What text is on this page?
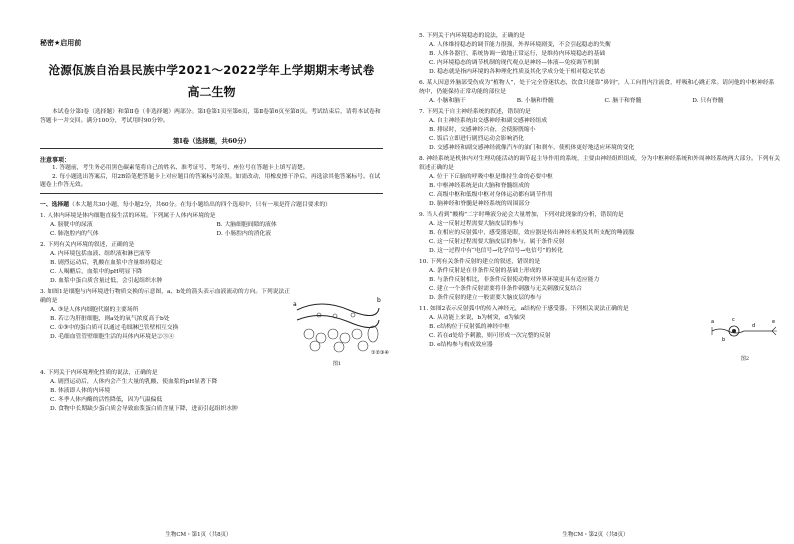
秘密★启用前
沧源佤族自治县民族中学2021～2022学年上学期期末考试卷
高二生物
本试卷分第Ⅰ卷（选择题）和第Ⅱ卷（非选择题）两部分。第Ⅰ卷第1页至第6页，第Ⅱ卷第6页至第8页。考试结束后，请将本试卷和答题卡一并交回。满分100分，考试用时90分钟。
第Ⅰ卷（选择题，共60分）
注意事项：
1. 答题前，考生务必用黑色碳素笔将自己的姓名、准考证号、考场号、座位号在答题卡上填写清楚。
2. 每小题选出答案后，用2B铅笔把答题卡上对应题目的答案标号涂黑。如需改动，用橡皮擦干净后，再选涂其他答案标号。在试题卷上作答无效。
一、选择题（本大题共30小题，每小题2分，共60分。在每小题给出的四个选项中，只有一项是符合题目要求的）
1. 人体内环境是体内细胞直接生活的环境。下列属于人体内环境的是
A. 膀胱中的尿液	B. 大脑细胞间隙的液体
C. 肺泡腔内的气体	D. 小肠腔内的消化液
2. 下列有关内环境的叙述，正确的是
A. 内环境包括血液、组织液和淋巴液等
B. 剧烈运动后，乳酸在血浆中含量维持稳定
C. 人喝醋后，血浆中的pH明显下降
D. 血浆中蛋白质含量过低，会引起组织水肿
3. 如图1是细胞与内环境进行物质交换的示意图，a、b处的箭头表示血液流动的方向。下列说法正确的是
A. ③是人体内细胞代谢的主要场所
B. 若②为肝脏细胞，则a处的氧气浓度高于b处
C. ①③中的蛋白质可以通过毛细淋巴管壁相互交换
D. 毛细血管管壁细胞生活的具体内环境是②③④
a
b
①②③④
图1
4. 下列关于内环境理化性质的说法，正确的是
A. 剧烈运动后，人体内会产生大量的乳酸，使血浆的pH显著下降
B. 体液即人体的内环境
C. 冬季人体内酶的活性降低，因为气温偏低
D. 食物中长期缺少蛋白质会导致血浆蛋白质含量下降，进而引起组织水肿
生物CM・第1页（共8页）
5. 下列关于内环境稳态的说法，正确的是
A. 人体维持稳态的调节能力很强，外界环境剧变，不会引起稳态的失衡
B. 人体各器官、系统协调一致地正常运行，是维持内环境稳态的基础
C. 内环境稳态的调节机制的现代观点是神经—体液—免疫调节机制
D. 稳态就是指内环境的各种理化性质及其化学成分处于相对稳定状态
6. 某人因意外脑部受伤成为“植物人”，处于完全昏迷状态，饮食只能靠“鼻饲”，人工向胃内注流食，呼吸和心跳正常。请问他的中枢神经系统中，仍能保持正常功能的部位是
A. 小脑和脑干	B. 小脑和脊髓	C. 脑干和脊髓	D. 只有脊髓
7. 下列关于自主神经系统的叙述，错误的是
A. 自主神经系统由交感神经和副交感神经组成
B. 排尿时，交感神经兴奋，会使膀胱缩小
C. 饭后立即进行剧烈运动会影响消化
D. 交感神经和副交感神经就像汽车的油门和刹车，使机体更好地适应环境的变化
8. 神经系统是机体内对生理功能活动的调节起主导作用的系统，主要由神经组织组成，分为中枢神经系统和外周神经系统两大部分。下列有关叙述正确的是
A. 位于下丘脑的呼吸中枢是维持生命的必要中枢
B. 中枢神经系统是由大脑和脊髓组成的
C. 高级中枢和低级中枢对身体运动都有调节作用
D. 脑神经和脊髓是神经系统的周围部分
9. 当人看到“酸梅”二字时唾液分泌会大量增加，下列对此现象的分析，错误的是
A. 这一反射过程需要大脑皮层的参与
B. 在相应的反射弧中，感受器是眼，效应器是传出神经末梢及其所支配的唾液腺
C. 这一反射过程需要大脑皮层的参与，属于条件反射
D. 这一过程中有“电信号→化学信号→电信号”的转化
10. 下列有关条件反射的建立的叙述，错误的是
A. 条件反射是在非条件反射的基础上形成的
B. 与条件反射相比，非条件反射使动物对外界环境更具有适应能力
C. 建立一个条件反射需要将非条件刺激与无关刺激反复结合
D. 条件反射的建立一般需要大脑皮层的参与
11. 如图2表示反射弧中的传入神经元，a结构位于感受器。下列相关说法正确的是
A. 从功能上来说，b为树突，d为轴突
B. c结构位于反射弧的神经中枢
C. 若在d处给予刺激，则可形成一次完整的反射
D. e结构参与构成效应器
a
b
c
d
e
图2
生物CM・第2页（共8页）
